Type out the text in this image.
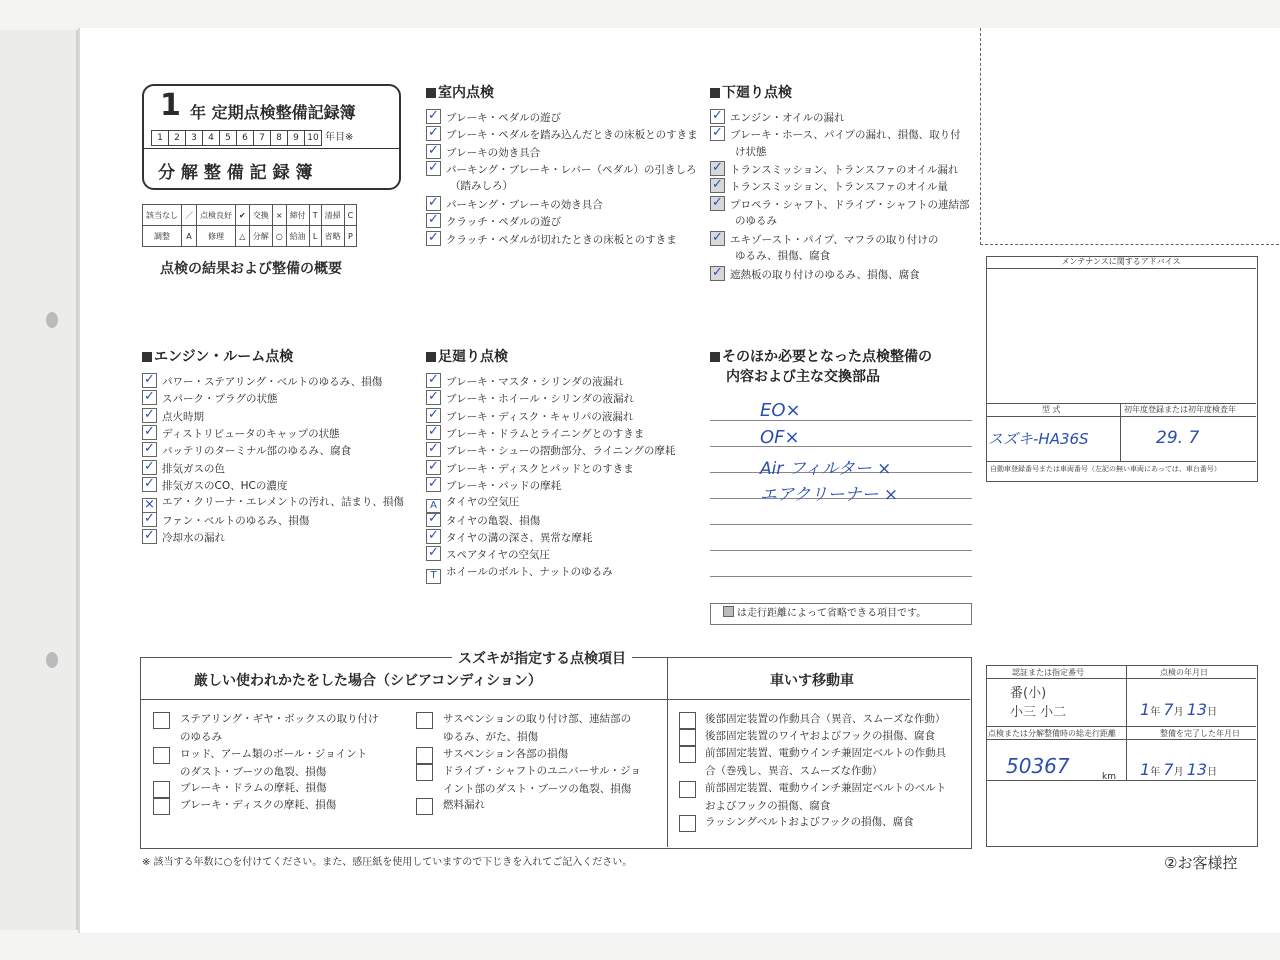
1 年 定期点検整備記録簿
1	2	3	4	5	6	7	8	9 10 年目※
分 解 整 備 記 録 簿
該当なし	／	点検良好	✔	交換	×	締付	T	清掃	C
調整	A	修理	△	分解	○	給油	L	省略	P
点検の結果および整備の概要
室内点検
✓ブレーキ・ペダルの遊び
✓ブレーキ・ペダルを踏み込んだときの床板とのすきま
✓ブレーキの効き具合
✓パーキング・ブレーキ・レバー（ペダル）の引きしろ
（踏みしろ）
✓パーキング・ブレーキの効き具合
✓クラッチ・ペダルの遊び
✓クラッチ・ペダルが切れたときの床板とのすきま
下廻り点検
✓エンジン・オイルの漏れ
✓ブレーキ・ホース、パイプの漏れ、損傷、取り付
け状態
✓トランスミッション、トランスファのオイル漏れ
✓トランスミッション、トランスファのオイル量
✓プロペラ・シャフト、ドライブ・シャフトの連結部
のゆるみ
✓エキゾースト・パイプ、マフラの取り付けの
ゆるみ、損傷、腐食
✓遮熱板の取り付けのゆるみ、損傷、腐食
エンジン・ルーム点検
✓パワー・ステアリング・ベルトのゆるみ、損傷
✓スパーク・プラグの状態
✓点火時期
✓ディストリビュータのキャップの状態
✓バッテリのターミナル部のゆるみ、腐食
✓排気ガスの色
✓排気ガスのCO、HCの濃度
× エア・クリーナ・エレメントの汚れ、詰まり、損傷
✓ファン・ベルトのゆるみ、損傷
✓冷却水の漏れ
足廻り点検
✓ブレーキ・マスタ・シリンダの液漏れ
✓ブレーキ・ホイール・シリンダの液漏れ
✓ブレーキ・ディスク・キャリパの液漏れ
✓ブレーキ・ドラムとライニングとのすきま
✓ブレーキ・シューの摺動部分、ライニングの摩耗
✓ブレーキ・ディスクとパッドとのすきま
✓ブレーキ・パッドの摩耗
A タイヤの空気圧
✓タイヤの亀裂、損傷
✓タイヤの溝の深さ、異常な摩耗
✓スペアタイヤの空気圧
T ホイールのボルト、ナットのゆるみ
そのほか必要となった点検整備の
内容および主な交換部品
EO×
OF×
Air フィルター ×
エアクリーナー ×
は走行距離によって省略できる項目です。
スズキが指定する点検項目
厳しい使われかたをした場合（シビアコンディション）	車いす移動車
ステアリング・ギヤ・ボックスの取り付け
のゆるみ
ロッド、アーム類のボール・ジョイント
のダスト・ブーツの亀裂、損傷
ブレーキ・ドラムの摩耗、損傷
ブレーキ・ディスクの摩耗、損傷
サスペンションの取り付け部、連結部の
ゆるみ、がた、損傷
サスペンション各部の損傷
ドライブ・シャフトのユニバーサル・ジョ
イント部のダスト・ブーツの亀裂、損傷
燃料漏れ
後部固定装置の作動具合（異音、スムーズな作動）
後部固定装置のワイヤおよびフックの損傷、腐食
前部固定装置、電動ウインチ兼固定ベルトの作動具
合（巻残し、異音、スムーズな作動）
前部固定装置、電動ウインチ兼固定ベルトのベルト
およびフックの損傷、腐食
ラッシングベルトおよびフックの損傷、腐食
※ 該当する年数に○を付けてください。また、感圧紙を使用していますので下じきを入れてご記入ください。	②お客様控
メンテナンスに関するアドバイス
型 式	初年度登録または初年度検査年
スズキ-HA36S	29. 7
自動車登録番号または車両番号（左記の無い車両にあっては、車台番号）
認証または指定番号	点検の年月日
番(小)
小三 小二	1年 7月 13日
点検または分解整備時の総走行距離	整備を完了した年月日
50367	km 1年 7月 13日
